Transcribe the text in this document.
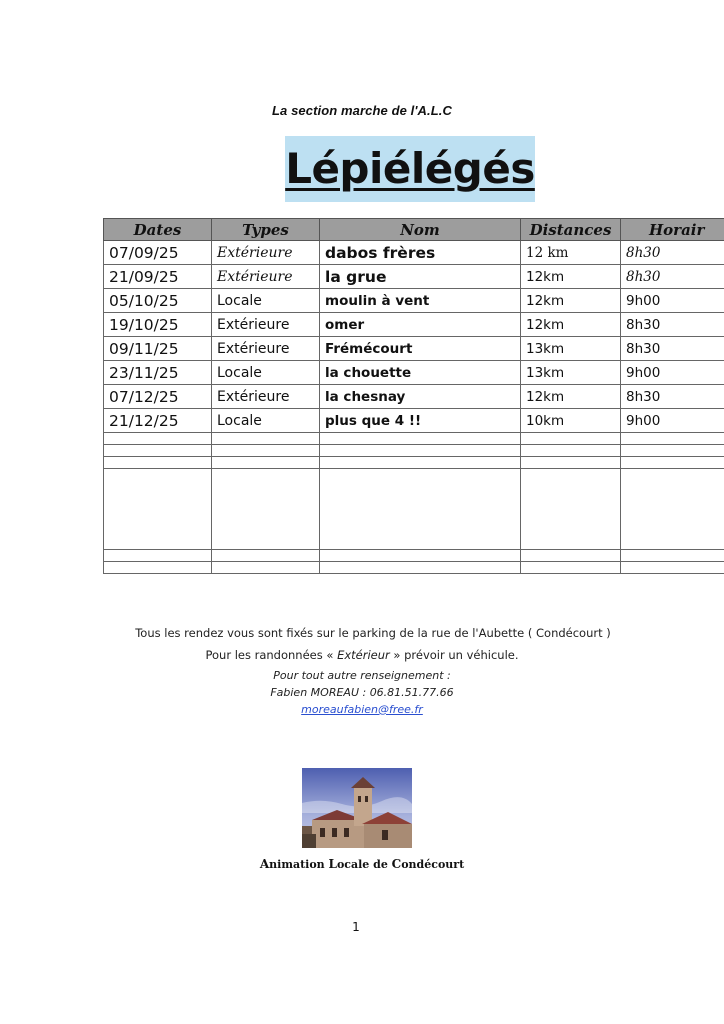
La section marche de l'A.L.C
Lépiélégés
Dates	Types	Nom	Distances	Horair
07/09/25	Extérieure	dabos frères	12 km	8h30
21/09/25	Extérieure	la grue	12km	8h30
05/10/25	Locale	moulin à vent	12km	9h00
19/10/25	Extérieure	omer	12km	8h30
09/11/25	Extérieure	Frémécourt	13km	8h30
23/11/25	Locale	la chouette	13km	9h00
07/12/25	Extérieure	la chesnay	12km	8h30
21/12/25	Locale	plus que 4 !!	10km	9h00

Tous les rendez vous sont fixés sur le parking de la rue de l'Aubette ( Condécourt )
Pour les randonnées « Extérieur » prévoir un véhicule.
Pour tout autre renseignement :
Fabien MOREAU : 06.81.51.77.66
moreaufabien@free.fr
Animation Locale de Condécourt
1
